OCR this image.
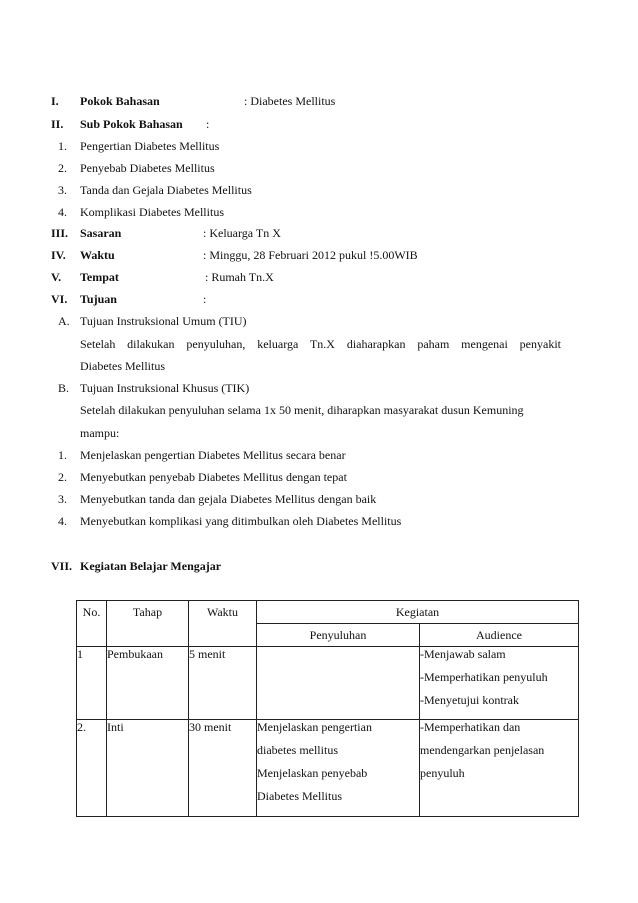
I. Pokok Bahasan	: Diabetes Mellitus
II. Sub Pokok Bahasan :
1. Pengertian Diabetes Mellitus
2. Penyebab Diabetes Mellitus
3. Tanda dan Gejala Diabetes Mellitus
4. Komplikasi Diabetes Mellitus
III. Sasaran	: Keluarga Tn X
IV. Waktu	: Minggu, 28 Februari 2012 pukul !5.00WIB
V. Tempat	: Rumah Tn.X
VI. Tujuan	:
A. Tujuan Instruksional Umum (TIU)
Setelah dilakukan penyuluhan, keluarga Tn.X diaharapkan paham mengenai penyakit
Diabetes Mellitus
B. Tujuan Instruksional Khusus (TIK)
Setelah dilakukan penyuluhan selama 1x 50 menit, diharapkan masyarakat dusun Kemuning
mampu:
1. Menjelaskan pengertian Diabetes Mellitus secara benar
2. Menyebutkan penyebab Diabetes Mellitus dengan tepat
3. Menyebutkan tanda dan gejala Diabetes Mellitus dengan baik
4. Menyebutkan komplikasi yang ditimbulkan oleh Diabetes Mellitus
VII. Kegiatan Belajar Mengajar
No.	Tahap	Waktu	Kegiatan	
			Penyuluhan	Audience
1	Pembukaan	5 menit		-Menjawab salam
-Memperhatikan penyuluh
-Menyetujui kontrak

2.	Inti	30 menit	Menjelaskan pengertian
diabetes mellitus
Menjelaskan penyebab
Diabetes Mellitus	-Memperhatikan dan
mendengarkan penjelasan
penyuluh
